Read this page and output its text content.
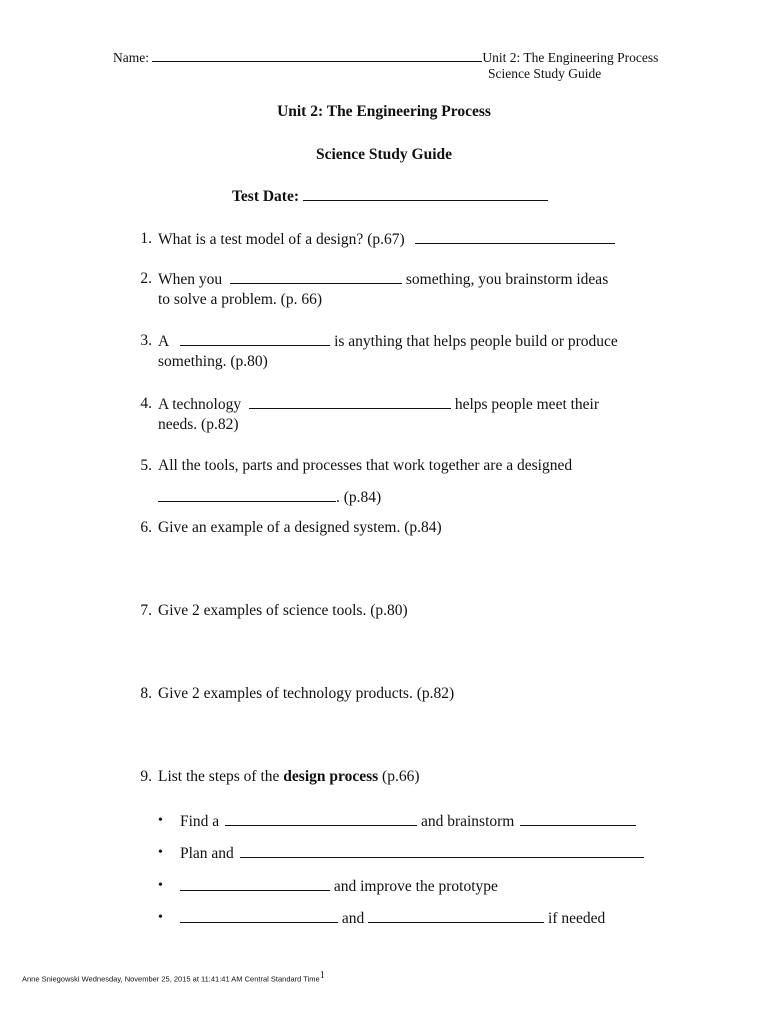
Name:	Unit 2: The Engineering Process
Science Study Guide
Unit 2: The Engineering Process
Science Study Guide
Test Date:
1. What is a test model of a design? (p.67)
2. When you	something, you brainstorm ideas
to solve a problem. (p. 66)
3. A	is anything that helps people build or produce
something. (p.80)
4. A technology	helps people meet their
needs. (p.82)
5. All the tools, parts and processes that work together are a designed
. (p.84)
6. Give an example of a designed system. (p.84)
7. Give 2 examples of science tools. (p.80)
8. Give 2 examples of technology products. (p.82)
9. List the steps of the design process (p.66)
• Find a	and brainstorm
• Plan and
•	and improve the prototype
•	and	if needed
Anne Sniegowski Wednesday, November 25, 2015 at 11:41:41 AM Central Standard Time$^1$
